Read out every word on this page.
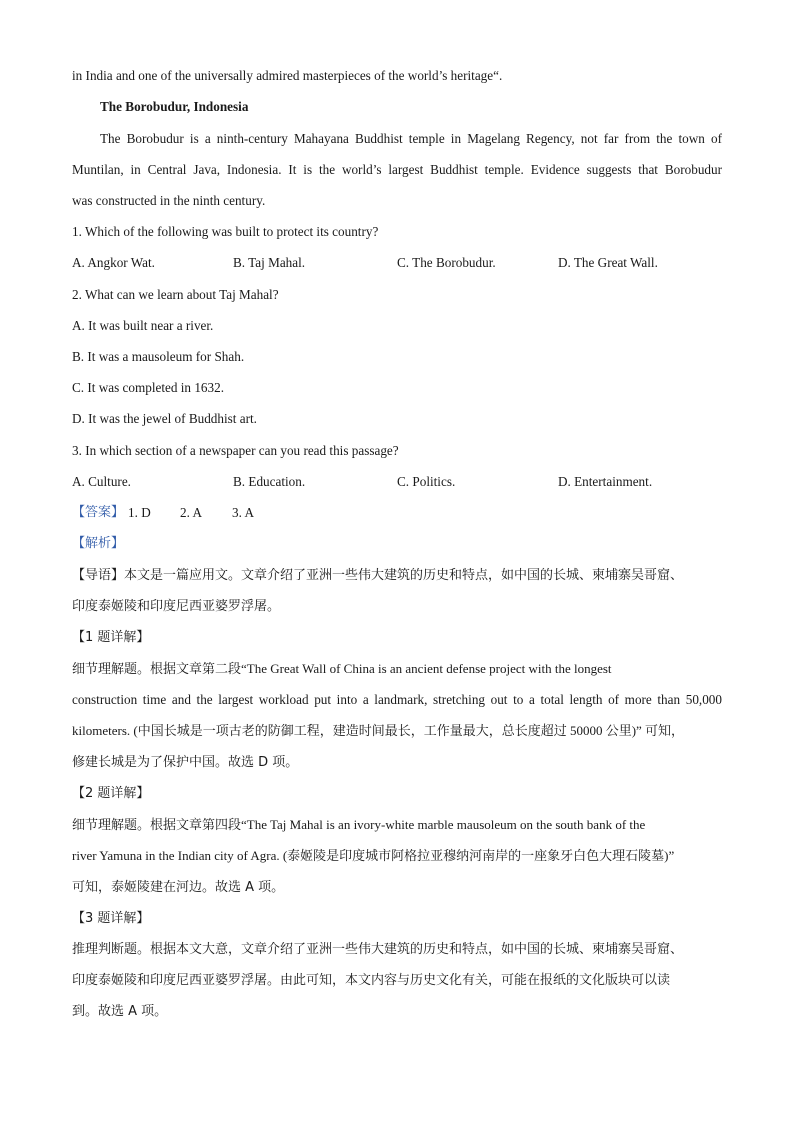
in India and one of the universally admired masterpieces of the world’s heritage“.
The Borobudur, Indonesia
The Borobudur is a ninth-century Mahayana Buddhist temple in Magelang Regency, not far from the town of
Muntilan, in Central Java, Indonesia. It is the world’s largest Buddhist temple. Evidence suggests that Borobudur
was constructed in the ninth century.
1. Which of the following was built to protect its country?
A. Angkor Wat.	B. Taj Mahal.	C. The Borobudur.	D. The Great Wall.
2. What can we learn about Taj Mahal?
A. It was built near a river.
B. It was a mausoleum for Shah.
C. It was completed in 1632.
D. It was the jewel of Buddhist art.
3. In which section of a newspaper can you read this passage?
A. Culture.	B. Education.	C. Politics.	D. Entertainment.
【答案】 1. D 2. A 3. A
【解析】
【导语】本文是一篇应用文。文章介绍了亚洲一些伟大建筑的历史和特点，如中国的长城、柬埔寨吴哥窟、
印度泰姬陵和印度尼西亚婆罗浮屠。
【1 题详解】
细节理解题。根据文章第二段“The Great Wall of China is an ancient defense project with the longest
construction time and the largest workload put into a landmark, stretching out to a total length of more than 50,000
kilometers. (中国长城是一项古老的防御工程，建造时间最长，工作量最大，总长度超过 50000 公里)” 可知，
修建长城是为了保护中国。故选 D 项。
【2 题详解】
细节理解题。根据文章第四段“The Taj Mahal is an ivory-white marble mausoleum on the south bank of the
river Yamuna in the Indian city of Agra. (泰姬陵是印度城市阿格拉亚穆纳河南岸的一座象牙白色大理石陵墓)”
可知，泰姬陵建在河边。故选 A 项。
【3 题详解】
推理判断题。根据本文大意，文章介绍了亚洲一些伟大建筑的历史和特点，如中国的长城、柬埔寨吴哥窟、
印度泰姬陵和印度尼西亚婆罗浮屠。由此可知，本文内容与历史文化有关，可能在报纸的文化版块可以读
到。故选 A 项。
